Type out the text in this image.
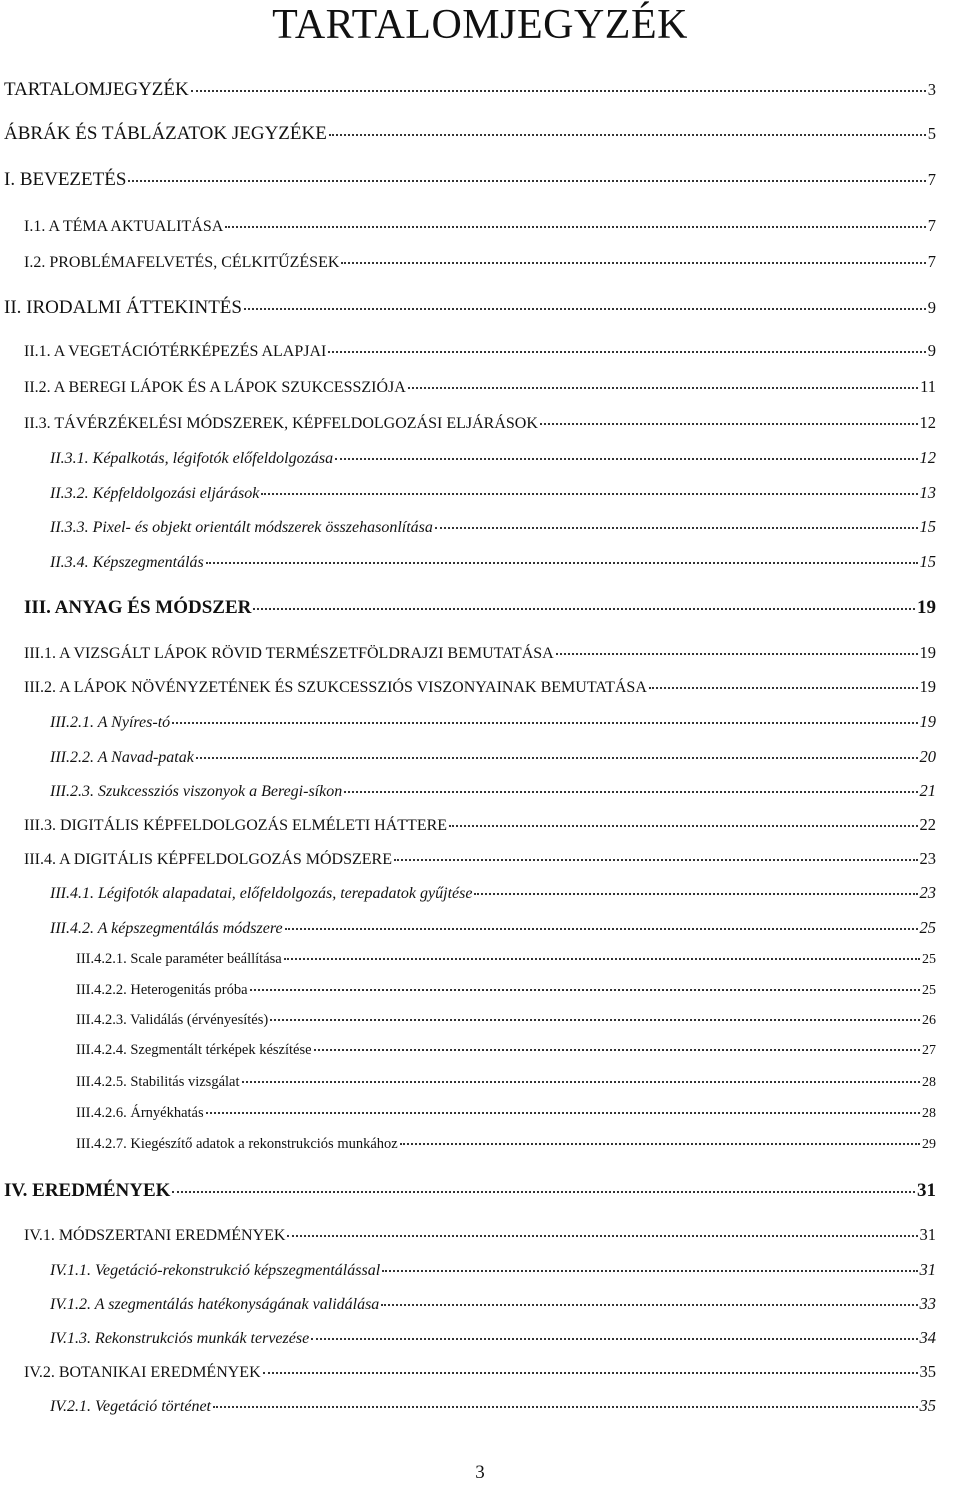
TARTALOMJEGYZÉK
TARTALOMJEGYZÉK	3
ÁBRÁK ÉS TÁBLÁZATOK JEGYZÉKE	5
I. BEVEZETÉS	7
I.1. A TÉMA AKTUALITÁSA	7
I.2. PROBLÉMAFELVETÉS, CÉLKITŰZÉSEK	7
II. IRODALMI ÁTTEKINTÉS	9
II.1. A VEGETÁCIÓTÉRKÉPEZÉS ALAPJAI	9
II.2. A BEREGI LÁPOK ÉS A LÁPOK SZUKCESSZIÓJA	11
II.3. TÁVÉRZÉKELÉSI MÓDSZEREK, KÉPFELDOLGOZÁSI ELJÁRÁSOK	12
II.3.1. Képalkotás, légifotók előfeldolgozása	12
II.3.2. Képfeldolgozási eljárások	13
II.3.3. Pixel- és objekt orientált módszerek összehasonlítása	15
II.3.4. Képszegmentálás	15
III. ANYAG ÉS MÓDSZER	19
III.1. A VIZSGÁLT LÁPOK RÖVID TERMÉSZETFÖLDRAJZI BEMUTATÁSA	19
III.2. A LÁPOK NÖVÉNYZETÉNEK ÉS SZUKCESSZIÓS VISZONYAINAK BEMUTATÁSA	19
III.2.1. A Nyíres-tó	19
III.2.2. A Navad-patak	20
III.2.3. Szukcessziós viszonyok a Beregi-síkon	21
III.3. DIGITÁLIS KÉPFELDOLGOZÁS ELMÉLETI HÁTTERE	22
III.4. A DIGITÁLIS KÉPFELDOLGOZÁS MÓDSZERE	23
III.4.1. Légifotók alapadatai, előfeldolgozás, terepadatok gyűjtése	23
III.4.2. A képszegmentálás módszere	25
III.4.2.1. Scale paraméter beállítása	25
III.4.2.2. Heterogenitás próba	25
III.4.2.3. Validálás (érvényesítés)	26
III.4.2.4. Szegmentált térképek készítése	27
III.4.2.5. Stabilitás vizsgálat	28
III.4.2.6. Árnyékhatás	28
III.4.2.7. Kiegészítő adatok a rekonstrukciós munkához	29
IV. EREDMÉNYEK	31
IV.1. MÓDSZERTANI EREDMÉNYEK	31
IV.1.1. Vegetáció-rekonstrukció képszegmentálással	31
IV.1.2. A szegmentálás hatékonyságának validálása	33
IV.1.3. Rekonstrukciós munkák tervezése	34
IV.2. BOTANIKAI EREDMÉNYEK	35
IV.2.1. Vegetáció történet	35
3
